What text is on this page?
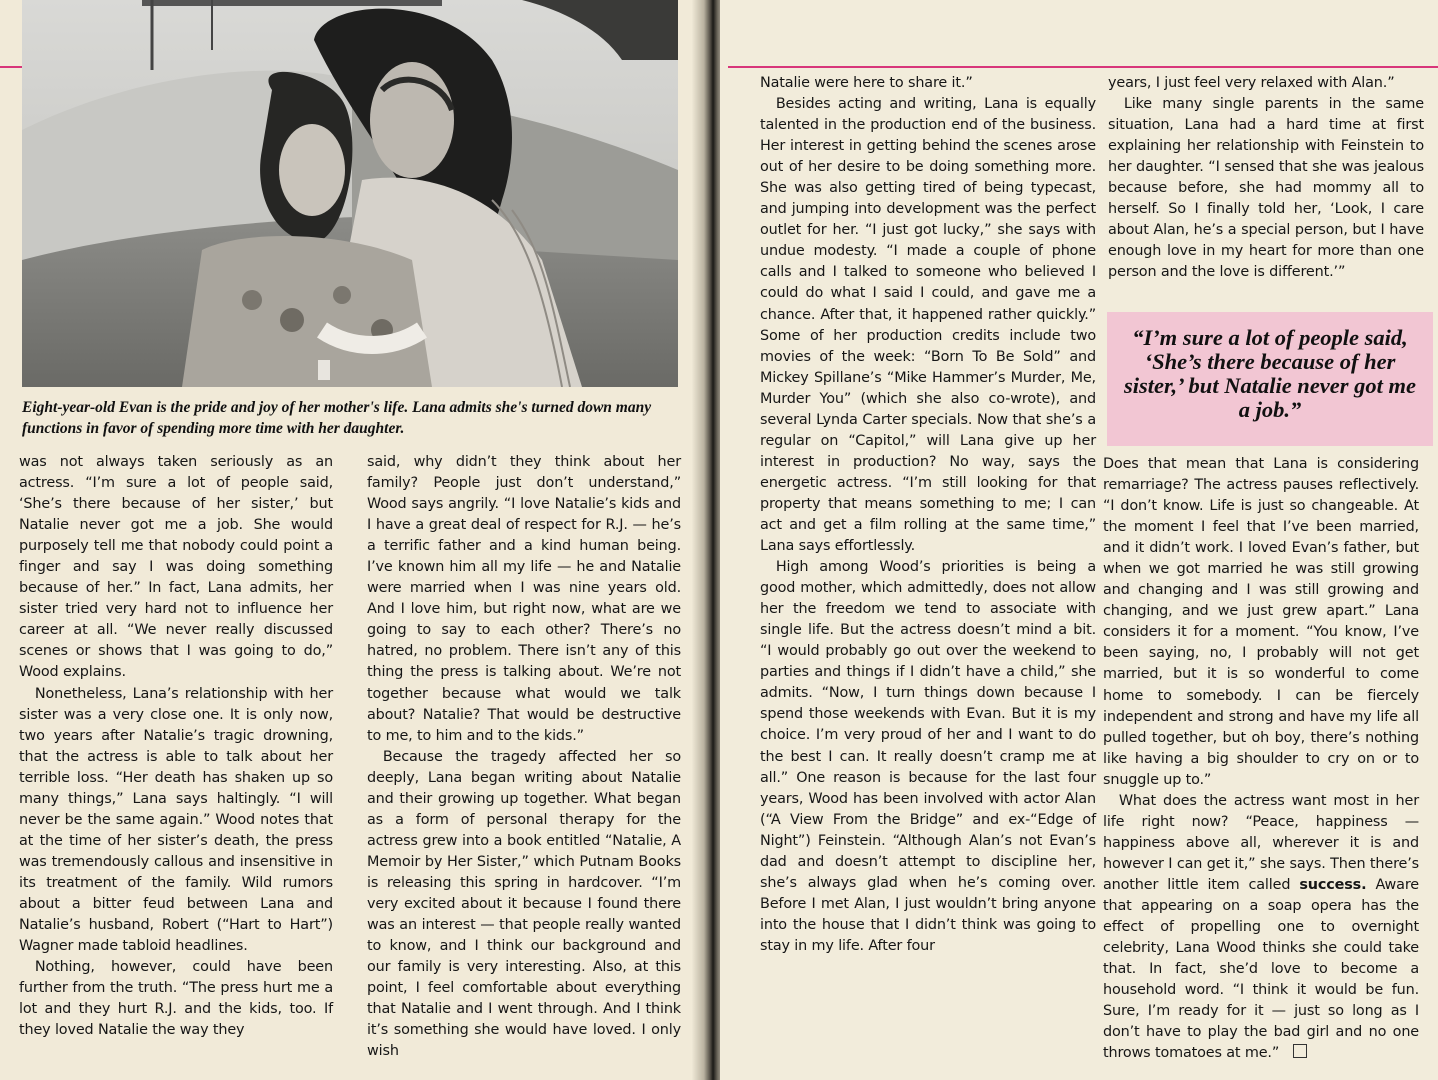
Eight-year-old Evan is the pride and joy of her mother's life. Lana admits she's turned down many functions in favor of spending more time with her daughter.

was not always taken seriously as an actress. “I’m sure a lot of people said, ‘She’s there because of her sister,’ but Natalie never got me a job. She would purposely tell me that nobody could point a finger and say I was doing something because of her.” In fact, Lana admits, her sister tried very hard not to influence her career at all. “We never really discussed scenes or shows that I was going to do,” Wood explains.

Nonetheless, Lana’s relationship with her sister was a very close one. It is only now, two years after Natalie’s tragic drowning, that the actress is able to talk about her terrible loss. “Her death has shaken up so many things,” Lana says haltingly. “I will never be the same again.” Wood notes that at the time of her sister’s death, the press was tremendously callous and insensitive in its treatment of the family. Wild rumors about a bitter feud between Lana and Natalie’s husband, Robert (“Hart to Hart”) Wagner made tabloid headlines.

Nothing, however, could have been further from the truth. “The press hurt me a lot and they hurt R.J. and the kids, too. If they loved Natalie the way they

said, why didn’t they think about her family? People just don’t understand,” Wood says angrily. “I love Natalie’s kids and I have a great deal of respect for R.J. — he’s a terrific father and a kind human being. I’ve known him all my life — he and Natalie were married when I was nine years old. And I love him, but right now, what are we going to say to each other? There’s no hatred, no problem. There isn’t any of this thing the press is talking about. We’re not together because what would we talk about? Natalie? That would be destructive to me, to him and to the kids.”

Because the tragedy affected her so deeply, Lana began writing about Natalie and their growing up together. What began as a form of personal therapy for the actress grew into a book entitled “Natalie, A Memoir by Her Sister,” which Putnam Books is releasing this spring in hardcover. “I’m very excited about it because I found there was an interest — that people really wanted to know, and I think our background and our family is very interesting. Also, at this point, I feel comfortable about everything that Natalie and I went through. And I think it’s something she would have loved. I only wish

Natalie were here to share it.”

Besides acting and writing, Lana is equally talented in the production end of the business. Her interest in getting behind the scenes arose out of her desire to be doing something more. She was also getting tired of being typecast, and jumping into development was the perfect outlet for her. “I just got lucky,” she says with undue modesty. “I made a couple of phone calls and I talked to someone who believed I could do what I said I could, and gave me a chance. After that, it happened rather quickly.” Some of her production credits include two movies of the week: “Born To Be Sold” and Mickey Spillane’s “Mike Hammer’s Murder, Me, Murder You” (which she also co-wrote), and several Lynda Carter specials. Now that she’s a regular on “Capitol,” will Lana give up her interest in production? No way, says the energetic actress. “I’m still looking for that property that means something to me; I can act and get a film rolling at the same time,” Lana says effortlessly.

High among Wood’s priorities is being a good mother, which admittedly, does not allow her the freedom we tend to associate with single life. But the actress doesn’t mind a bit. “I would probably go out over the weekend to parties and things if I didn’t have a child,” she admits. “Now, I turn things down because I spend those weekends with Evan. But it is my choice. I’m very proud of her and I want to do the best I can. It really doesn’t cramp me at all.” One reason is because for the last four years, Wood has been involved with actor Alan (“A View From the Bridge” and ex-“Edge of Night”) Feinstein. “Although Alan’s not Evan’s dad and doesn’t attempt to discipline her, she’s always glad when he’s coming over. Before I met Alan, I just wouldn’t bring anyone into the house that I didn’t think was going to stay in my life. After four

years, I just feel very relaxed with Alan.”

Like many single parents in the same situation, Lana had a hard time at first explaining her relationship with Feinstein to her daughter. “I sensed that she was jealous because before, she had mommy all to herself. So I finally told her, ‘Look, I care about Alan, he’s a special person, but I have enough love in my heart for more than one person and the love is different.’”

Does that mean that Lana is considering remarriage? The actress pauses reflectively. “I don’t know. Life is just so changeable. At the moment I feel that I’ve been married, and it didn’t work. I loved Evan’s father, but when we got married he was still growing and changing and I was still growing and changing, and we just grew apart.” Lana considers it for a moment. “You know, I’ve been saying, no, I probably will not get married, but it is so wonderful to come home to somebody. I can be fiercely independent and strong and have my life all pulled together, but oh boy, there’s nothing like having a big shoulder to cry on or to snuggle up to.”

What does the actress want most in her life right now? “Peace, happiness — happiness above all, wherever it is and however I can get it,” she says. Then there’s another little item called success. Aware that appearing on a soap opera has the effect of propelling one to overnight celebrity, Lana Wood thinks she could take that. In fact, she’d love to become a household word. “I think it would be fun. Sure, I’m ready for it — just so long as I don’t have to play the bad girl and no one throws tomatoes at me.”

“I’m sure a lot of people said, ‘She’s there because of her sister,’ but Natalie never got me a job.”
